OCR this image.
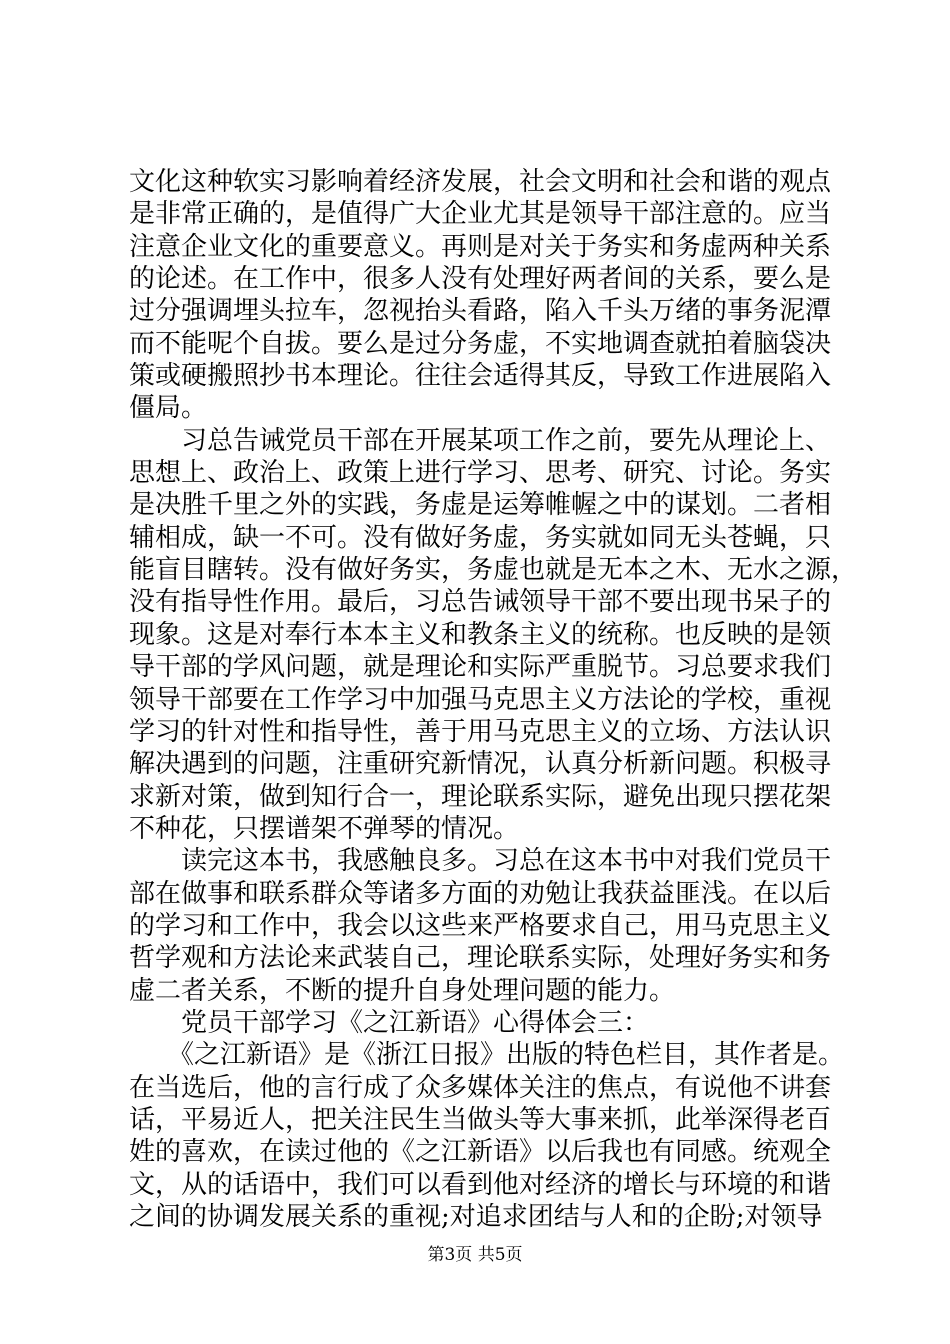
文化这种软实习影响着经济发展，社会文明和社会和谐的观点
是非常正确的，是值得广大企业尤其是领导干部注意的。应当
注意企业文化的重要意义。再则是对关于务实和务虚两种关系
的论述。在工作中，很多人没有处理好两者间的关系，要么是
过分强调埋头拉车，忽视抬头看路，陷入千头万绪的事务泥潭
而不能呢个自拔。要么是过分务虚，不实地调查就拍着脑袋决
策或硬搬照抄书本理论。往往会适得其反，导致工作进展陷入
僵局。
　　习总告诫党员干部在开展某项工作之前，要先从理论上、
思想上、政治上、政策上进行学习、思考、研究、讨论。务实
是决胜千里之外的实践，务虚是运筹帷幄之中的谋划。二者相
辅相成，缺一不可。没有做好务虚，务实就如同无头苍蝇，只
能盲目瞎转。没有做好务实，务虚也就是无本之木、无水之源，
没有指导性作用。最后，习总告诫领导干部不要出现书呆子的
现象。这是对奉行本本主义和教条主义的统称。也反映的是领
导干部的学风问题，就是理论和实际严重脱节。习总要求我们
领导干部要在工作学习中加强马克思主义方法论的学校，重视
学习的针对性和指导性，善于用马克思主义的立场、方法认识
解决遇到的问题，注重研究新情况，认真分析新问题。积极寻
求新对策，做到知行合一，理论联系实际，避免出现只摆花架
不种花，只摆谱架不弹琴的情况。
　　读完这本书，我感触良多。习总在这本书中对我们党员干
部在做事和联系群众等诸多方面的劝勉让我获益匪浅。在以后
的学习和工作中，我会以这些来严格要求自己，用马克思主义
哲学观和方法论来武装自己，理论联系实际，处理好务实和务
虚二者关系，不断的提升自身处理问题的能力。
　　党员干部学习《之江新语》心得体会三：
　　《之江新语》是《浙江日报》出版的特色栏目，其作者是。
在当选后，他的言行成了众多媒体关注的焦点，有说他不讲套
话，平易近人，把关注民生当做头等大事来抓，此举深得老百
姓的喜欢，在读过他的《之江新语》以后我也有同感。统观全
文，从的话语中，我们可以看到他对经济的增长与环境的和谐
之间的协调发展关系的重视;对追求团结与人和的企盼;对领导
第3页 共5页
